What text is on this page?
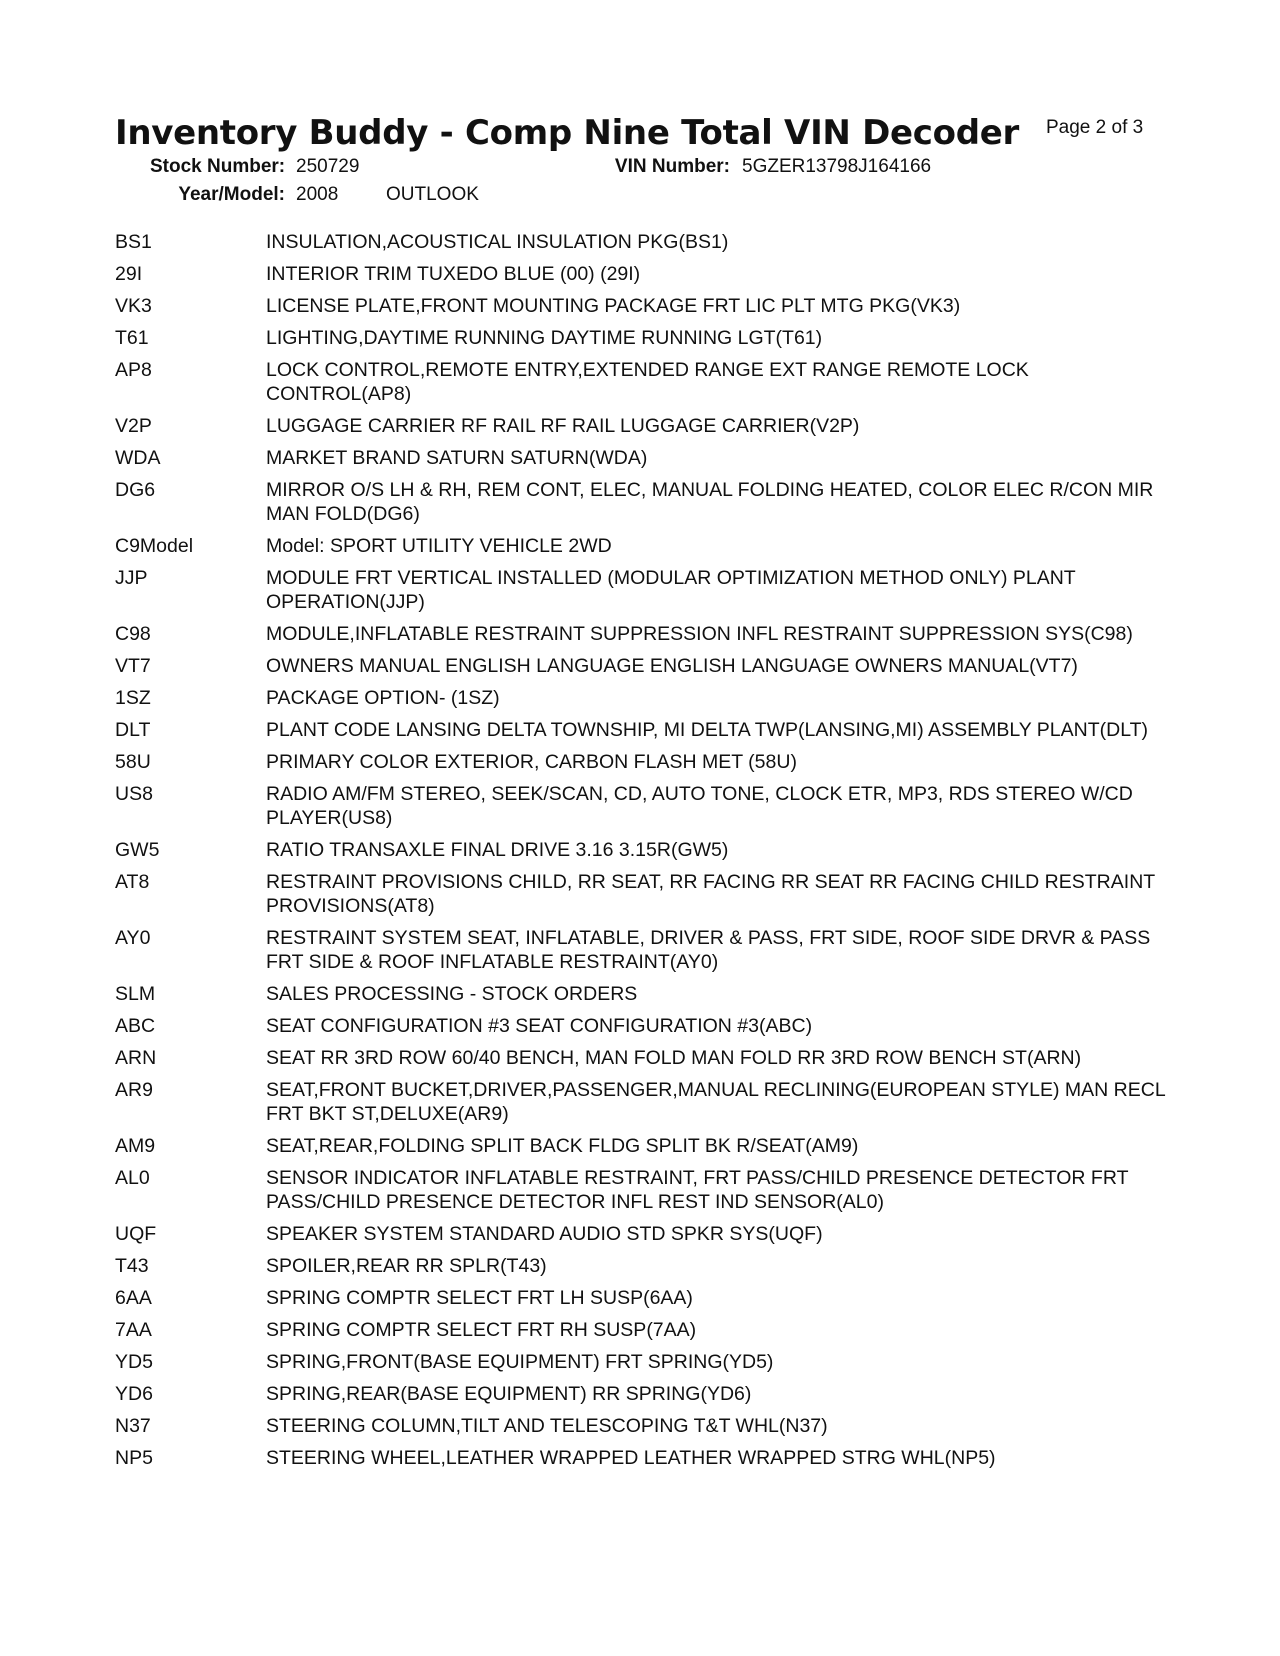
Inventory Buddy - Comp Nine Total VIN Decoder Page 2 of 3
Stock Number: 250729	VIN Number: 5GZER13798J164166
Year/Model: 2008	OUTLOOK
BS1	INSULATION,ACOUSTICAL INSULATION PKG(BS1)
29I	INTERIOR TRIM TUXEDO BLUE (00) (29I)
VK3	LICENSE PLATE,FRONT MOUNTING PACKAGE FRT LIC PLT MTG PKG(VK3)
T61	LIGHTING,DAYTIME RUNNING DAYTIME RUNNING LGT(T61)
AP8	LOCK CONTROL,REMOTE ENTRY,EXTENDED RANGE EXT RANGE REMOTE LOCK CONTROL(AP8)
V2P	LUGGAGE CARRIER RF RAIL RF RAIL LUGGAGE CARRIER(V2P)
WDA	MARKET BRAND SATURN SATURN(WDA)
DG6	MIRROR O/S LH & RH, REM CONT, ELEC, MANUAL FOLDING HEATED, COLOR ELEC R/CON MIR MAN FOLD(DG6)
C9Model	Model: SPORT UTILITY VEHICLE 2WD
JJP	MODULE FRT VERTICAL INSTALLED (MODULAR OPTIMIZATION METHOD ONLY) PLANT OPERATION(JJP)
C98	MODULE,INFLATABLE RESTRAINT SUPPRESSION INFL RESTRAINT SUPPRESSION SYS(C98)
VT7	OWNERS MANUAL ENGLISH LANGUAGE ENGLISH LANGUAGE OWNERS MANUAL(VT7)
1SZ	PACKAGE OPTION- (1SZ)
DLT	PLANT CODE LANSING DELTA TOWNSHIP, MI DELTA TWP(LANSING,MI) ASSEMBLY PLANT(DLT)
58U	PRIMARY COLOR EXTERIOR, CARBON FLASH MET (58U)
US8	RADIO AM/FM STEREO, SEEK/SCAN, CD, AUTO TONE, CLOCK ETR, MP3, RDS STEREO W/CD PLAYER(US8)
GW5	RATIO TRANSAXLE FINAL DRIVE 3.16 3.15R(GW5)
AT8	RESTRAINT PROVISIONS CHILD, RR SEAT, RR FACING RR SEAT RR FACING CHILD RESTRAINT PROVISIONS(AT8)
AY0	RESTRAINT SYSTEM SEAT, INFLATABLE, DRIVER & PASS, FRT SIDE, ROOF SIDE DRVR & PASS FRT SIDE & ROOF INFLATABLE RESTRAINT(AY0)
SLM	SALES PROCESSING - STOCK ORDERS
ABC	SEAT CONFIGURATION #3 SEAT CONFIGURATION #3(ABC)
ARN	SEAT RR 3RD ROW 60/40 BENCH, MAN FOLD MAN FOLD RR 3RD ROW BENCH ST(ARN)
AR9	SEAT,FRONT BUCKET,DRIVER,PASSENGER,MANUAL RECLINING(EUROPEAN STYLE) MAN RECL FRT BKT ST,DELUXE(AR9)
AM9	SEAT,REAR,FOLDING SPLIT BACK FLDG SPLIT BK R/SEAT(AM9)
AL0	SENSOR INDICATOR INFLATABLE RESTRAINT, FRT PASS/CHILD PRESENCE DETECTOR FRT PASS/CHILD PRESENCE DETECTOR INFL REST IND SENSOR(AL0)
UQF	SPEAKER SYSTEM STANDARD AUDIO STD SPKR SYS(UQF)
T43	SPOILER,REAR RR SPLR(T43)
6AA	SPRING COMPTR SELECT FRT LH SUSP(6AA)
7AA	SPRING COMPTR SELECT FRT RH SUSP(7AA)
YD5	SPRING,FRONT(BASE EQUIPMENT) FRT SPRING(YD5)
YD6	SPRING,REAR(BASE EQUIPMENT) RR SPRING(YD6)
N37	STEERING COLUMN,TILT AND TELESCOPING T&T WHL(N37)
NP5	STEERING WHEEL,LEATHER WRAPPED LEATHER WRAPPED STRG WHL(NP5)
